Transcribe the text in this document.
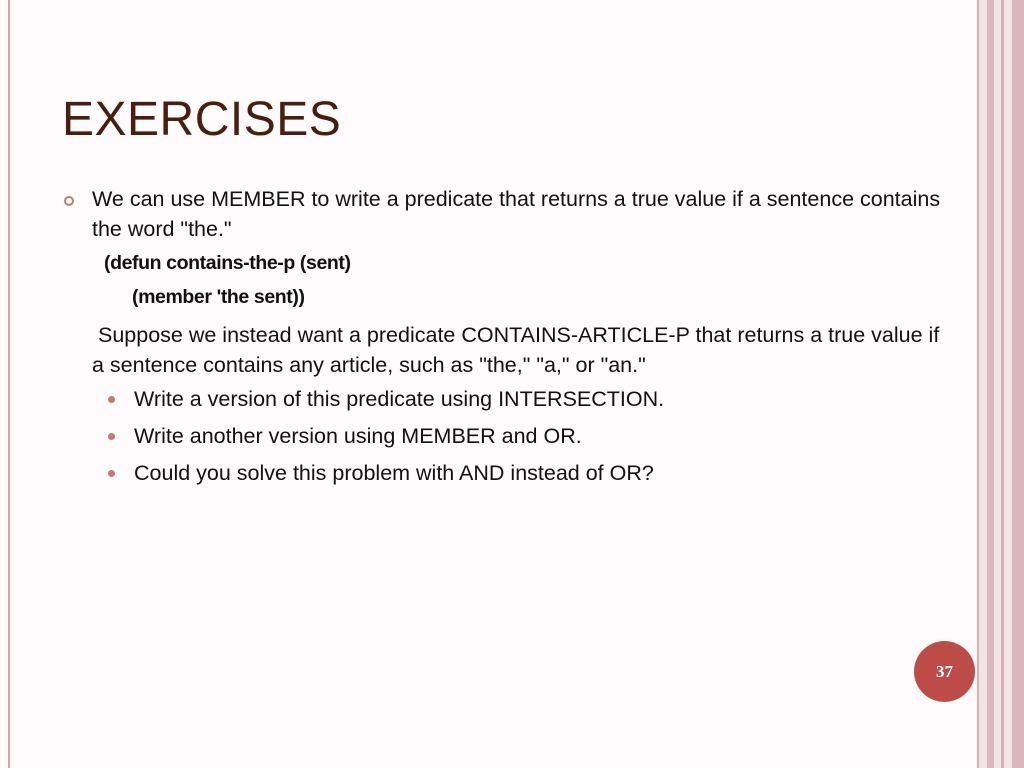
EXERCISES

We can use MEMBER to write a predicate that returns a true value if a sentence contains the word "the."

(defun contains-the-p (sent)
(member 'the sent))

Suppose we instead want a predicate CONTAINS-ARTICLE-P that returns a true value if a sentence contains any article, such as "the," "a," or "an."

Write a version of this predicate using INTERSECTION.
Write another version using MEMBER and OR.
Could you solve this problem with AND instead of OR?
37
